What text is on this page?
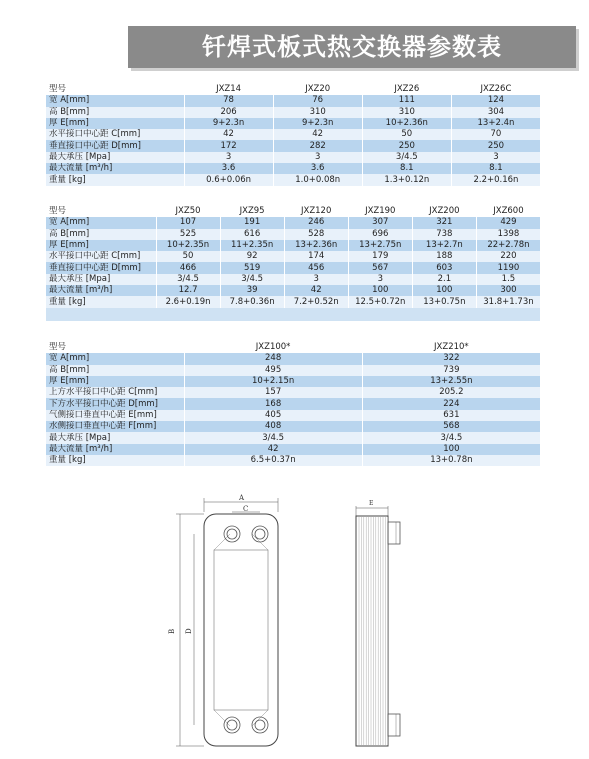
钎焊式板式热交换器参数表
型号	JXZ14	JXZ20	JXZ26	JXZ26C
宽 A[mm]	78	76	111	124
高 B[mm]	206	310	310	304
厚 E[mm]	9+2.3n	9+2.3n	10+2.36n	13+2.4n
水平接口中心距 C[mm]	42	42	50	70
垂直接口中心距 D[mm]	172	282	250	250
最大承压 [Mpa]	3	3	3/4.5	3
最大流量 [m³/h]	3.6	3.6	8.1	8.1
重量 [kg]	0.6+0.06n	1.0+0.08n	1.3+0.12n	2.2+0.16n
型号	JXZ50	JXZ95	JXZ120	JXZ190	JXZ200	JXZ600
宽 A[mm]	107	191	246	307	321	429
高 B[mm]	525	616	528	696	738	1398
厚 E[mm]	10+2.35n	11+2.35n	13+2.36n	13+2.75n	13+2.7n	22+2.78n
水平接口中心距 C[mm]	50	92	174	179	188	220
垂直接口中心距 D[mm]	466	519	456	567	603	1190
最大承压 [Mpa]	3/4.5	3/4.5	3	3	2.1	1.5
最大流量 [m³/h]	12.7	39	42	100	100	300
重量 [kg]	2.6+0.19n	7.8+0.36n	7.2+0.52n	12.5+0.72n	13+0.75n	31.8+1.73n

型号	JXZ100*	JXZ210*
宽 A[mm]	248	322
高 B[mm]	495	739
厚 E[mm]	10+2.15n	13+2.55n
上方水平接口中心距 C[mm]	157	205.2
下方水平接口中心距 D[mm]	168	224
气侧接口垂直中心距 E[mm]	405	631
水侧接口垂直中心距 F[mm]	408	568
最大承压 [Mpa]	3/4.5	3/4.5
最大流量 [m³/h]	42	100
重量 [kg]	6.5+0.37n	13+0.78n
A
C
B D
E
